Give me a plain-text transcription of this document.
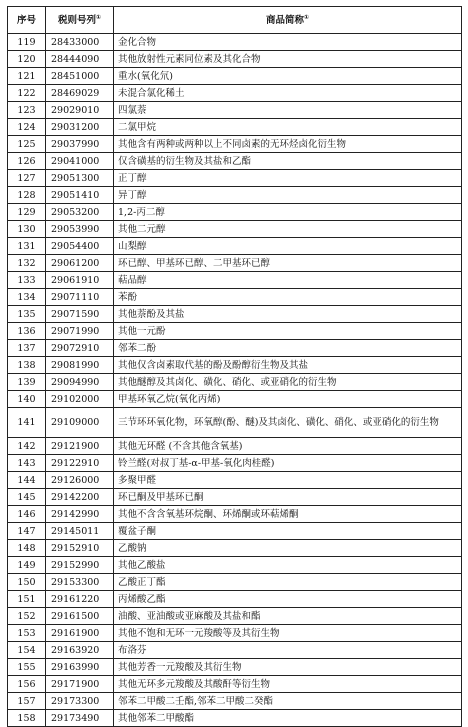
序号	税则号列①	商品简称①
119	28433000	金化合物
120	28444090	其他放射性元素同位素及其化合物
121	28451000	重水(氧化氘)
122	28469029	未混合氯化稀土
123	29029010	四氯萘
124	29031200	二氯甲烷
125	29037990	其他含有两种或两种以上不同卤素的无环烃卤化衍生物
126	29041000	仅含磺基的衍生物及其盐和乙酯
127	29051300	正丁醇
128	29051410	异丁醇
129	29053200	1,2-丙二醇
130	29053990	其他二元醇
131	29054400	山梨醇
132	29061200	环已醇、甲基环已醇、二甲基环已醇
133	29061910	萜品醇
134	29071110	苯酚
135	29071590	其他萘酚及其盐
136	29071990	其他一元酚
137	29072910	邻苯二酚
138	29081990	其他仅含卤素取代基的酚及酚醇衍生物及其盐
139	29094990	其他醚醇及其卤化、磺化、硝化、或亚硝化的衍生物
140	29102000	甲基环氧乙烷(氧化丙烯)
141	29109000	三节环环氧化物，环氧醇(酚、醚)及其卤化、磺化、硝化、或亚硝化的衍生物
142	29121900	其他无环醛 (不含其他含氧基)
143	29122910	铃兰醛(对叔丁基-α-甲基-氧化肉桂醛)
144	29126000	多聚甲醛
145	29142200	环已酮及甲基环已酮
146	29142990	其他不含含氧基环烷酮、环烯酮或环萜烯酮
147	29145011	覆盆子酮
148	29152910	乙酸钠
149	29152990	其他乙酸盐
150	29153300	乙酸正丁酯
151	29161220	丙烯酸乙酯
152	29161500	油酸、亚油酸或亚麻酸及其盐和酯
153	29161900	其他不饱和无环一元羧酸等及其衍生物
154	29163920	布洛芬
155	29163990	其他芳香一元羧酸及其衍生物
156	29171900	其他无环多元羧酸及其酸酐等衍生物
157	29173300	邻苯二甲酸二壬酯,邻苯二甲酸二癸酯
158	29173490	其他邻苯二甲酸酯
